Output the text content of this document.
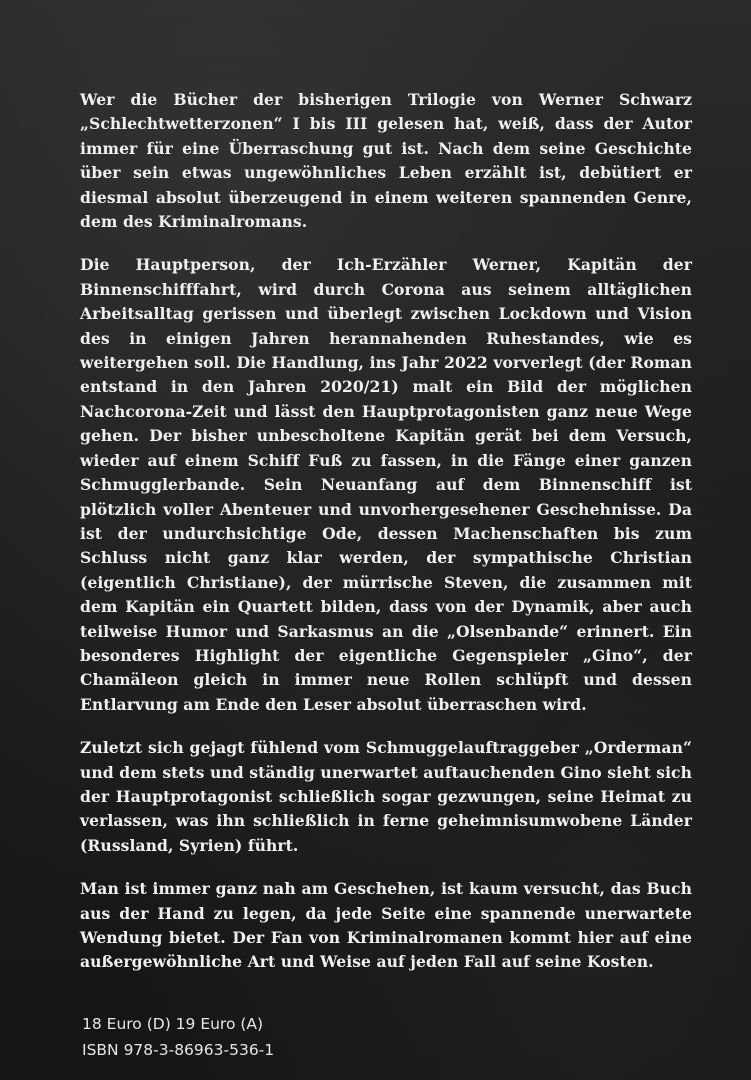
Wer die Bücher der bisherigen Trilogie von Werner Schwarz „Schlechtwetterzonen“ I bis III gelesen hat, weiß, dass der Autor immer für eine Überraschung gut ist. Nach dem seine Geschichte über sein etwas ungewöhnliches Leben erzählt ist, debütiert er diesmal absolut überzeugend in einem weiteren spannenden Genre, dem des Kriminalromans.

Die Hauptperson, der Ich-Erzähler Werner, Kapitän der Binnenschifffahrt, wird durch Corona aus seinem alltäglichen Arbeitsalltag gerissen und überlegt zwischen Lockdown und Vision des in einigen Jahren herannahenden Ruhestandes, wie es weitergehen soll. Die Handlung, ins Jahr 2022 vorverlegt (der Roman entstand in den Jahren 2020/21) malt ein Bild der möglichen Nachcorona-Zeit und lässt den Hauptprotagonisten ganz neue Wege gehen. Der bisher unbescholtene Kapitän gerät bei dem Versuch, wieder auf einem Schiff Fuß zu fassen, in die Fänge einer ganzen Schmugglerbande. Sein Neuanfang auf dem Binnenschiff ist plötzlich voller Abenteuer und unvorhergesehener Geschehnisse. Da ist der undurchsichtige Ode, dessen Machenschaften bis zum Schluss nicht ganz klar werden, der sympathische Christian (eigentlich Christiane), der mürrische Steven, die zusammen mit dem Kapitän ein Quartett bilden, dass von der Dynamik, aber auch teilweise Humor und Sarkasmus an die „Olsenbande“ erinnert. Ein besonderes Highlight der eigentliche Gegenspieler „Gino“, der Chamäleon gleich in immer neue Rollen schlüpft und dessen Entlarvung am Ende den Leser absolut überraschen wird.

Zuletzt sich gejagt fühlend vom Schmuggelauftraggeber „Orderman“ und dem stets und ständig unerwartet auftauchenden Gino sieht sich der Hauptprotagonist schließlich sogar gezwungen, seine Heimat zu verlassen, was ihn schließlich in ferne geheimnisumwobene Länder (Russland, Syrien) führt.

Man ist immer ganz nah am Geschehen, ist kaum versucht, das Buch aus der Hand zu legen, da jede Seite eine spannende unerwartete Wendung bietet. Der Fan von Kriminalromanen kommt hier auf eine außergewöhnliche Art und Weise auf jeden Fall auf seine Kosten.

18 Euro (D) 19 Euro (A)
ISBN 978-3-86963-536-1
